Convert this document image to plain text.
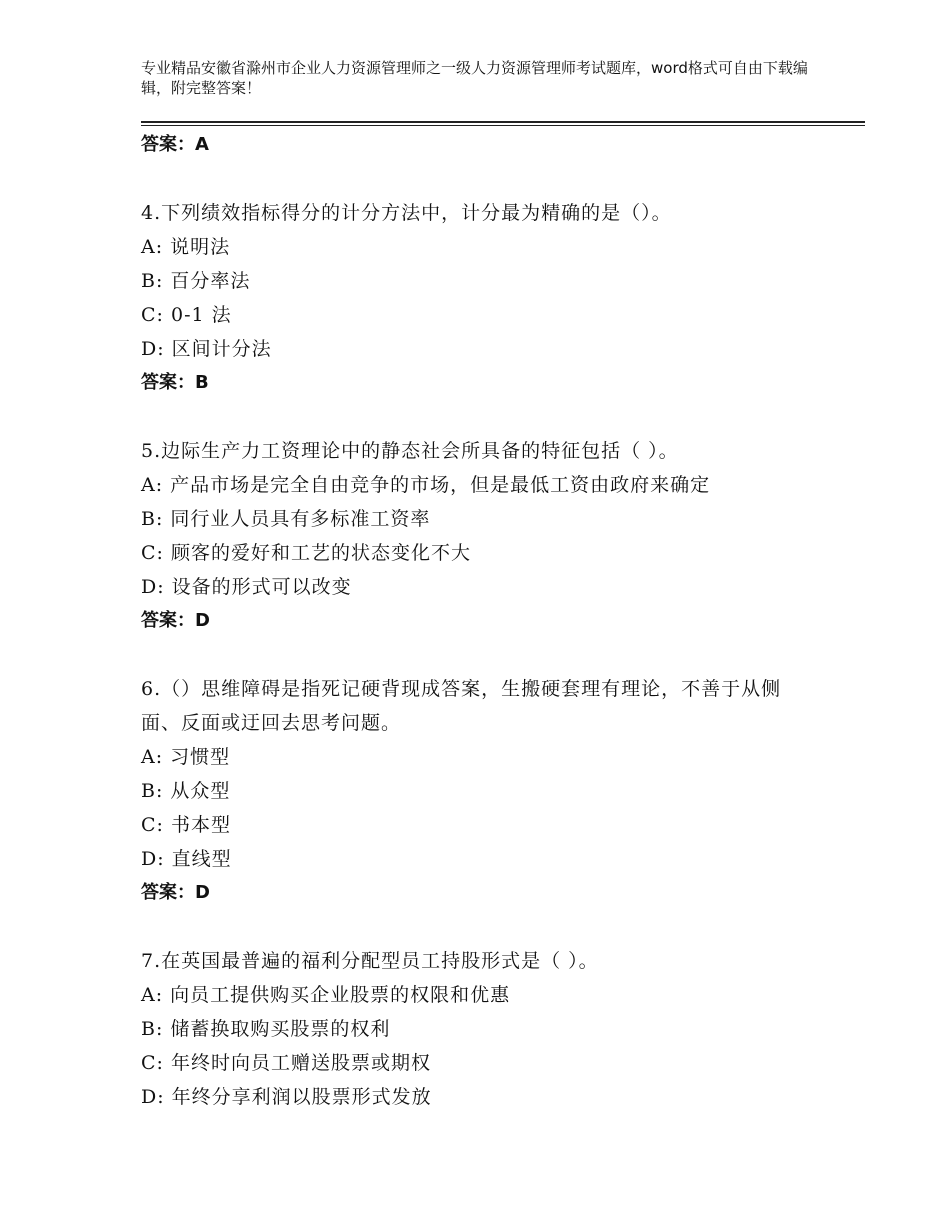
专业精品安徽省滁州市企业人力资源管理师之一级人力资源管理师考试题库，word格式可自由下载编辑，附完整答案！
答案：A
4.下列绩效指标得分的计分方法中，计分最为精确的是（）。
A: 说明法
B: 百分率法
C: 0-1 法
D: 区间计分法
答案：B
5.边际生产力工资理论中的静态社会所具备的特征包括（ ）。
A: 产品市场是完全自由竞争的市场，但是最低工资由政府来确定
B: 同行业人员具有多标准工资率
C: 顾客的爱好和工艺的状态变化不大
D: 设备的形式可以改变
答案：D
6.（）思维障碍是指死记硬背现成答案，生搬硬套理有理论，不善于从侧面、反面或迂回去思考问题。
A: 习惯型
B: 从众型
C: 书本型
D: 直线型
答案：D
7.在英国最普遍的福利分配型员工持股形式是（ ）。
A: 向员工提供购买企业股票的权限和优惠
B: 储蓄换取购买股票的权利
C: 年终时向员工赠送股票或期权
D: 年终分享利润以股票形式发放
